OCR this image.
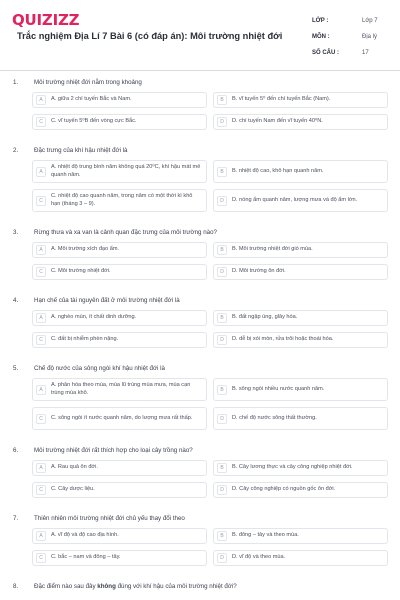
QUIZIZZ
Trắc nghiệm Địa Lí 7 Bài 6 (có đáp án): Môi trường nhiệt đới
LỚP :	Lớp 7
MÔN :	Địa lý
SỐ CÂU :	17
1.	Môi trường nhiệt đới nằm trong khoảng
A	A. giữa 2 chí tuyến Bắc và Nam.	B	B. vĩ tuyến 5⁰ đến chí tuyến Bắc (Nam).
C	C. vĩ tuyến 5⁰B đến vòng cực Bắc.	D	D. chí tuyến Nam đến vĩ tuyến 40⁰N.
2.	Đặc trưng của khí hậu nhiệt đới là
A
A. nhiệt độ trung bình năm không quá 20⁰C, khí hậu mát mẻ quanh năm.	B	B. nhiệt độ cao, khô hạn quanh năm.
C
C. nhiệt độ cao quanh năm, trong năm có một thời kì khô hạn (tháng 3 – 9).	D	D. nóng ẩm quanh năm, lượng mưa và độ ẩm lớn.
3.	Rừng thưa và xa van là cảnh quan đặc trưng của môi trường nào?
A	A. Môi trường xích đạo ẩm.	B	B. Môi trường nhiệt đới gió mùa.
C	C. Môi trường nhiệt đới.	D	D. Môi trường ôn đới.
4.	Hạn chế của tài nguyên đất ở môi trường nhiệt đới là
A	A. nghèo mùn, ít chất dinh dưỡng.	B	B. đất ngập úng, glây hóa.
C	C. đất bị nhiễm phèn nặng.	D	D. dễ bị xói mòn, rửa trôi hoặc thoái hóa.
5.	Chế độ nước của sông ngòi khí hậu nhiệt đới là
A
A. phân hóa theo mùa, mùa lũ trùng mùa mưa, mùa cạn trùng mùa khô.	B	B. sông ngòi nhiều nước quanh năm.
C	C. sông ngòi ít nước quanh năm, do lượng mưa rất thấp.	D	D. chế độ nước sông thất thường.
6.	Môi trường nhiệt đới rất thích hợp cho loại cây trồng nào?
A	A. Rau quả ôn đới.	B	B. Cây lương thực và cây công nghiệp nhiệt đới.
C	C. Cây dược liệu.	D	D. Cây công nghiệp có nguồn gốc ôn đới.
7.	Thiên nhiên môi trường nhiệt đới chủ yếu thay đổi theo
A	A. vĩ độ và độ cao địa hình.	B	B. đông – tây và theo mùa.
C	C. bắc – nam và đông – tây.	D	D. vĩ độ và theo mùa.
8.	Đặc điểm nào sau đây không đúng với khí hậu của môi trường nhiệt đới?
